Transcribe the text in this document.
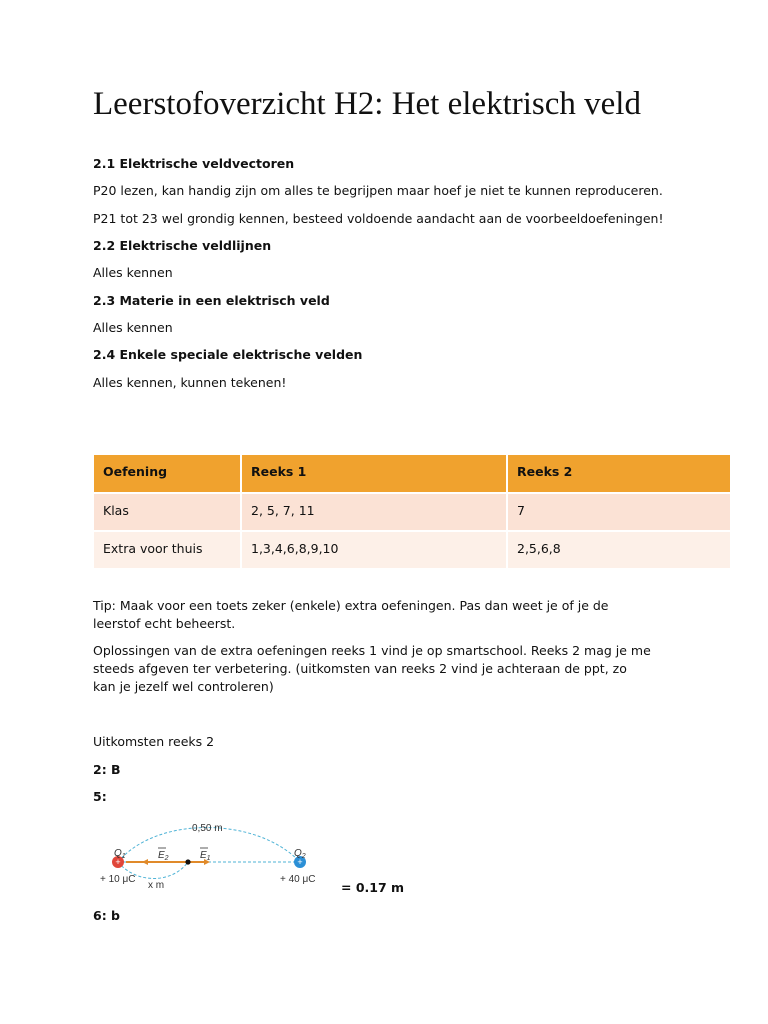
Leerstofoverzicht H2: Het elektrisch veld
2.1 Elektrische veldvectoren
P20 lezen, kan handig zijn om alles te begrijpen maar hoef je niet te kunnen reproduceren.
P21 tot 23 wel grondig kennen, besteed voldoende aandacht aan de voorbeeldoefeningen!
2.2 Elektrische veldlijnen
Alles kennen
2.3 Materie in een elektrisch veld
Alles kennen
2.4 Enkele speciale elektrische velden
Alles kennen, kunnen tekenen!
Oefening	Reeks 1	Reeks 2
Klas	2, 5, 7, 11	7
Extra voor thuis	1,3,4,6,8,9,10	2,5,6,8
Tip: Maak voor een toets zeker (enkele) extra oefeningen. Pas dan weet je of je de leerstof echt beheerst.
Oplossingen van de extra oefeningen reeks 1 vind je op smartschool. Reeks 2 mag je me steeds afgeven ter verbetering. (uitkomsten van reeks 2 vind je achteraan de ppt, zo kan je jezelf wel controleren)
Uitkomsten reeks 2
2: B
5:
+	+
0,50 m
$Q_1$	$Q_2$
$E_2$	$E_1$
+ 10 μC	+ 40 μC
x m	= 0.17 m
6: b
